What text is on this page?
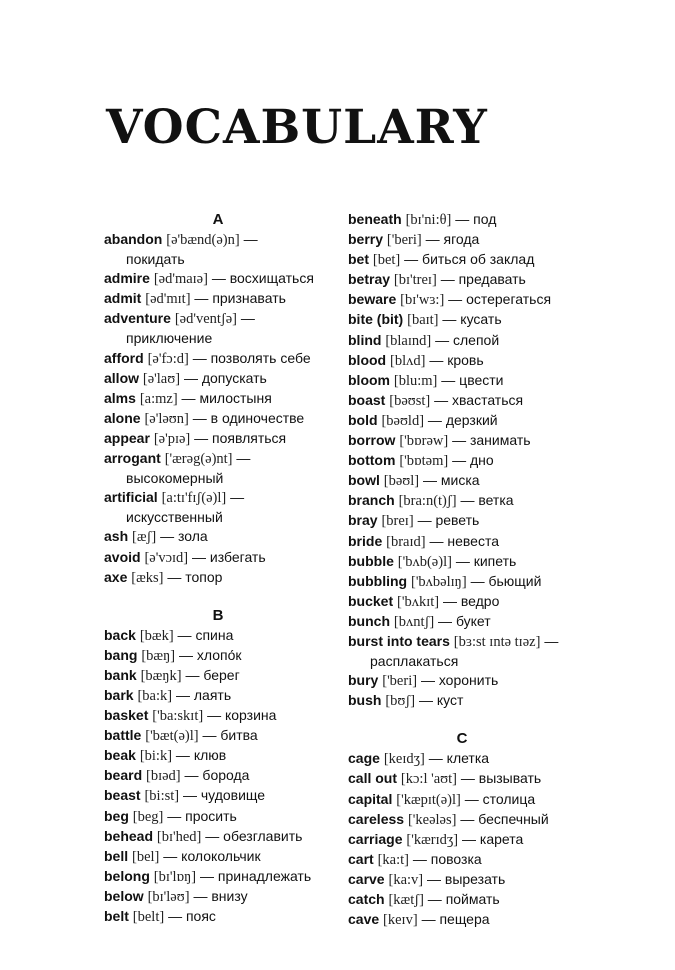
VOCABULARY
A
abandon [ə'bænd(ə)n] —
покидать
admire [əd'maɪə] — восхищаться
admit [əd'mɪt] — признавать
adventure [əd'ventʃə] —
приключение
afford [ə'fɔ:d] — позволять себе
allow [ə'laʊ] — допускать
alms [a:mz] — милостыня
alone [ə'ləʊn] — в одиночестве
appear [ə'pɪə] — появляться
arrogant ['ærəg(ə)nt] —
высокомерный
artificial [a:tɪ'fɪʃ(ə)l] —
искусственный
ash [æʃ] — зола
avoid [ə'vɔɪd] — избегать
axe [æks] — топор
B
back [bæk] — спина
bang [bæŋ] — хлопо́к
bank [bæŋk] — берег
bark [ba:k] — лаять
basket ['ba:skɪt] — корзина
battle ['bæt(ə)l] — битва
beak [bi:k] — клюв
beard [bɪəd] — борода
beast [bi:st] — чудовище
beg [beg] — просить
behead [bɪ'hed] — обезглавить
bell [bel] — колокольчик
belong [bɪ'lɒŋ] — принадлежать
below [bɪ'ləʊ] — внизу
belt [belt] — пояс
beneath [bɪ'ni:θ] — под
berry ['beri] — ягода
bet [bet] — биться об заклад
betray [bɪ'treɪ] — предавать
beware [bɪ'wɜ:] — остерегаться
bite (bit) [baɪt] — кусать
blind [blaɪnd] — слепой
blood [blʌd] — кровь
bloom [blu:m] — цвести
boast [bəʊst] — хвастаться
bold [bəʊld] — дерзкий
borrow ['bɒrəw] — занимать
bottom ['bɒtəm] — дно
bowl [bəʊl] — миска
branch [bra:n(t)ʃ] — ветка
bray [breɪ] — реветь
bride [braɪd] — невеста
bubble ['bʌb(ə)l] — кипеть
bubbling ['bʌbəlɪŋ] — бьющий
bucket ['bʌkɪt] — ведро
bunch [bʌntʃ] — букет
burst into tears [bɜ:st ɪntə tɪəz] —
расплакаться
bury ['beri] — хоронить
bush [bʊʃ] — куст
C
cage [keɪdʒ] — клетка
call out [kɔ:l 'aʊt] — вызывать
capital ['kæpɪt(ə)l] — столица
careless ['keələs] — беспечный
carriage ['kærɪdʒ] — карета
cart [ka:t] — повозка
carve [ka:v] — вырезать
catch [kætʃ] — поймать
cave [keɪv] — пещера
